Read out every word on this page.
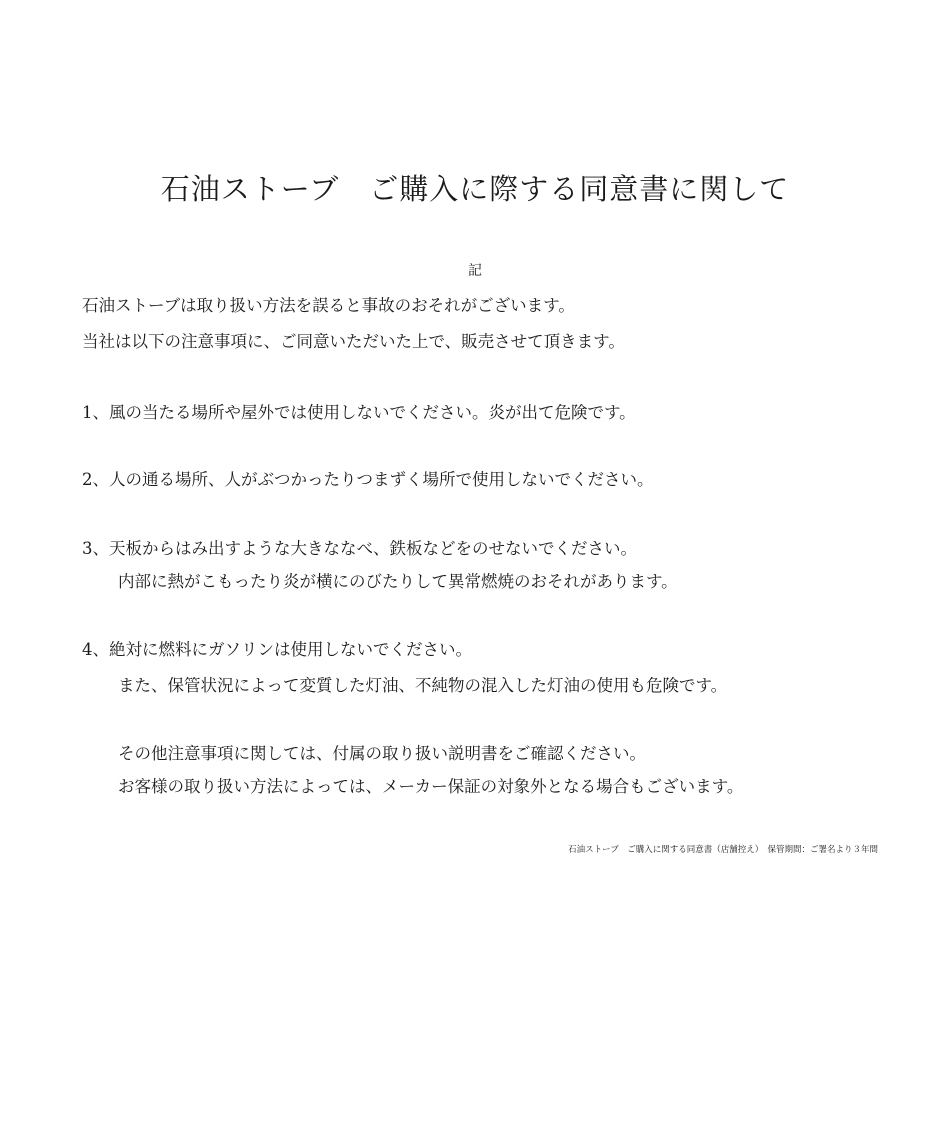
石油ストーブ　ご購入に際する同意書に関して
記
石油ストーブは取り扱い方法を誤ると事故のおそれがございます。
当社は以下の注意事項に、ご同意いただいた上で、販売させて頂きます。
1、風の当たる場所や屋外では使用しないでください。炎が出て危険です。
2、人の通る場所、人がぶつかったりつまずく場所で使用しないでください。
3、天板からはみ出すような大きななべ、鉄板などをのせないでください。
内部に熱がこもったり炎が横にのびたりして異常燃焼のおそれがあります。
4、絶対に燃料にガソリンは使用しないでください。
また、保管状況によって変質した灯油、不純物の混入した灯油の使用も危険です。
その他注意事項に関しては、付属の取り扱い説明書をご確認ください。
お客様の取り扱い方法によっては、メーカー保証の対象外となる場合もございます。
石油ストーブ　ご購入に関する同意書（店舗控え）　保管期間：ご署名より３年間
